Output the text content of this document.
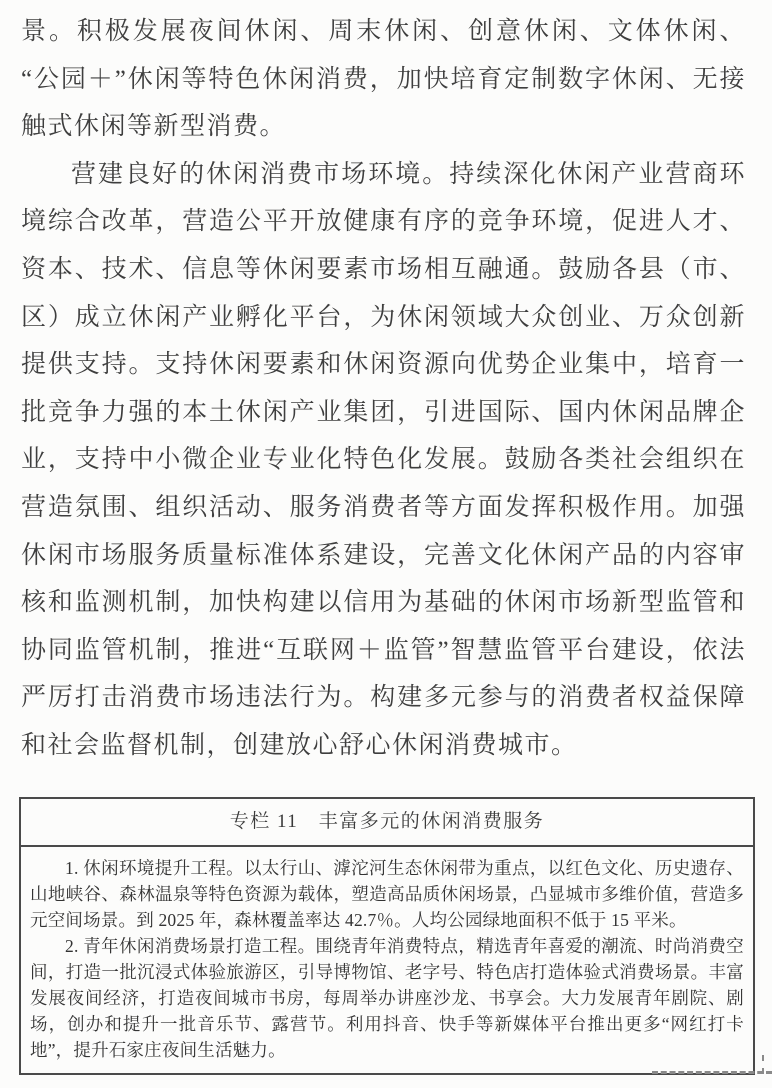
景。积极发展夜间休闲、周末休闲、创意休闲、文体休闲、“公园＋”休闲等特色休闲消费，加快培育定制数字休闲、无接触式休闲等新型消费。

营建良好的休闲消费市场环境。持续深化休闲产业营商环境综合改革，营造公平开放健康有序的竞争环境，促进人才、资本、技术、信息等休闲要素市场相互融通。鼓励各县（市、区）成立休闲产业孵化平台，为休闲领域大众创业、万众创新提供支持。支持休闲要素和休闲资源向优势企业集中，培育一批竞争力强的本土休闲产业集团，引进国际、国内休闲品牌企业，支持中小微企业专业化特色化发展。鼓励各类社会组织在营造氛围、组织活动、服务消费者等方面发挥积极作用。加强休闲市场服务质量标准体系建设，完善文化休闲产品的内容审核和监测机制，加快构建以信用为基础的休闲市场新型监管和协同监管机制，推进“互联网＋监管”智慧监管平台建设，依法严厉打击消费市场违法行为。构建多元参与的消费者权益保障和社会监督机制，创建放心舒心休闲消费城市。

专栏 11　丰富多元的休闲消费服务

1. 休闲环境提升工程。以太行山、滹沱河生态休闲带为重点，以红色文化、历史遗存、山地峡谷、森林温泉等特色资源为载体，塑造高品质休闲场景，凸显城市多维价值，营造多元空间场景。到 2025 年，森林覆盖率达 42.7％。人均公园绿地面积不低于 15 平米。

2. 青年休闲消费场景打造工程。围绕青年消费特点，精选青年喜爱的潮流、时尚消费空间，打造一批沉浸式体验旅游区，引导博物馆、老字号、特色店打造体验式消费场景。丰富发展夜间经济，打造夜间城市书房，每周举办讲座沙龙、书享会。大力发展青年剧院、剧场，创办和提升一批音乐节、露营节。利用抖音、快手等新媒体平台推出更多“网红打卡地”，提升石家庄夜间生活魅力。
